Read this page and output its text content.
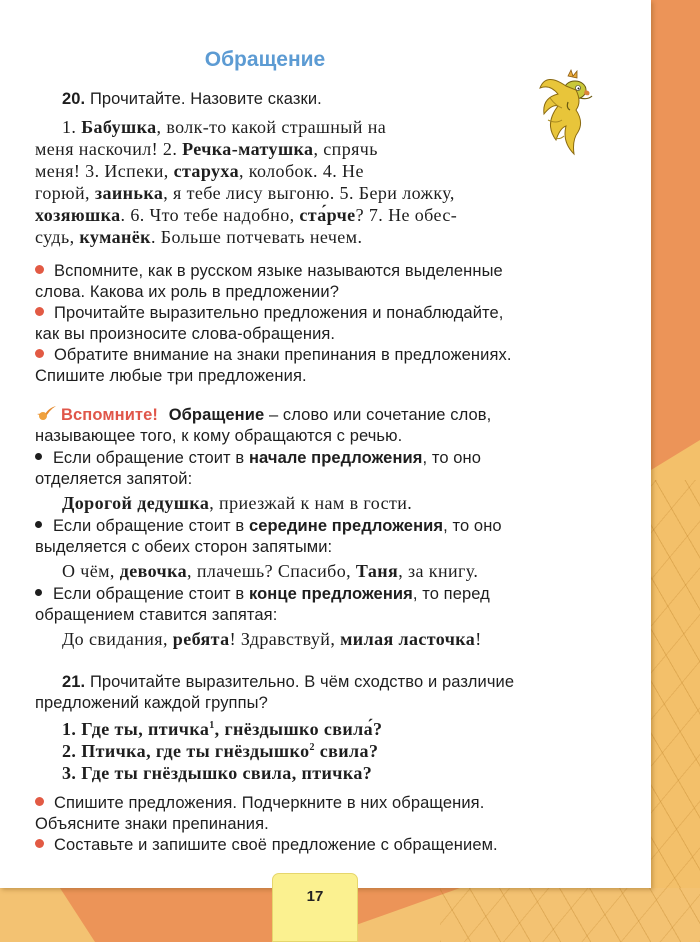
Обращение
20. Прочитайте. Назовите сказки.
1. Бабушка, волк-то какой страшный на
меня наскочил! 2. Речка-матушка, спрячь
меня! 3. Испеки, старуха, колобок. 4. Не
горюй, заинька, я тебе лису выгоню. 5. Бери ложку,
хозяюшка. 6. Что тебе надобно, ста́рче? 7. Не обес-
судь, куманёк. Больше потчевать нечем.
Вспомните, как в русском языке называются выделенные
слова. Какова их роль в предложении?
Прочитайте выразительно предложения и понаблюдайте,
как вы произносите слова-обращения.
Обратите внимание на знаки препинания в предложениях.
Спишите любые три предложения.
Вспомните! Обращение – слово или сочетание слов,
называющее того, к кому обращаются с речью.
Если обращение стоит в начале предложения, то оно
отделяется запятой:
Дорогой дедушка, приезжай к нам в гости.
Если обращение стоит в середине предложения, то оно
выделяется с обеих сторон запятыми:
О чём, девочка, плачешь? Спасибо, Таня, за книгу.
Если обращение стоит в конце предложения, то перед
обращением ставится запятая:
До свидания, ребята! Здравствуй, милая ласточка!
21. Прочитайте выразительно. В чём сходство и различие
предложений каждой группы?
1. Где ты, птичка$^1$, гнёздышко свила́?
2. Птичка, где ты гнёздышко$^2$ свила?
3. Где ты гнёздышко свила, птичка?
Спишите предложения. Подчеркните в них обращения.
Объясните знаки препинания.
Составьте и запишите своё предложение с обращением.
17
